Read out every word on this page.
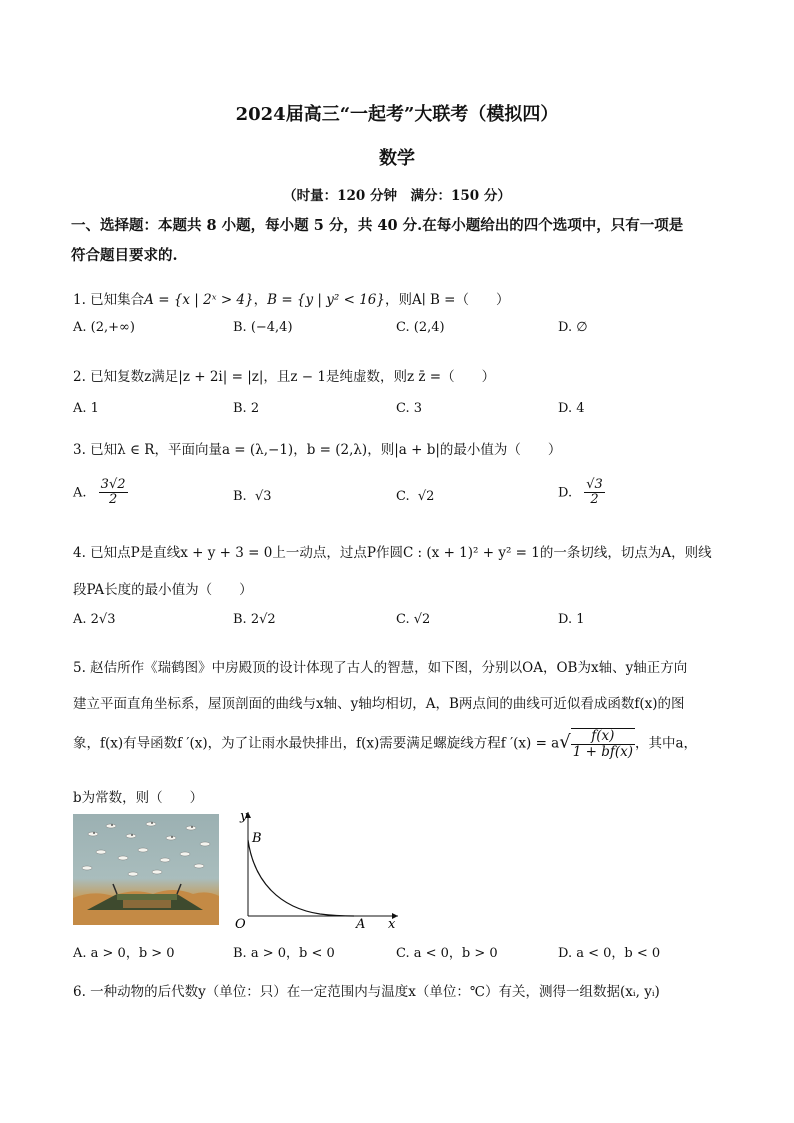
2024届高三“一起考”大联考（模拟四）
数学
（时量：120 分钟　满分：150 分）
一、选择题：本题共 8 小题，每小题 5 分，共 40 分.在每小题给出的四个选项中，只有一项是
符合题目要求的.
1. 已知集合A = {x | 2ˣ > 4}，B = {y | y² < 16}，则A∣ B =（　　）
A. (2,+∞)	B. (−4,4)	C. (2,4)	D. ∅
2. 已知复数z满足|z + 2i| = |z|，且z − 1是纯虚数，则z z̄ =（　　）
A. 1	B. 2	C. 3	D. 4
3. 已知λ ∈ R，平面向量a = (λ,−1)，b = (2,λ)，则|a + b|的最小值为（　　）
A. $\frac{3√2}{2}$	B. √3	C. √2	D. $\frac{√3}{2}$
4. 已知点P是直线x + y + 3 = 0上一动点，过点P作圆C : (x + 1)² + y² = 1的一条切线，切点为A，则线
段PA长度的最小值为（　　）
A. 2√3	B. 2√2	C. √2	D. 1
5. 赵佶所作《瑞鹤图》中房殿顶的设计体现了古人的智慧，如下图，分别以OA，OB为x轴、y轴正方向
建立平面直角坐标系，屋顶剖面的曲线与x轴、y轴均相切，A，B两点间的曲线可近似看成函数f(x)的图
象，f(x)有导函数f ′(x)，为了让雨水最快排出，f(x)需要满足螺旋线方程f $'(x) = a√ \frac{f(x)}{1 + bf(x)}$ ，其中a，
b为常数，则（　　）
y
x
O	A
B
A. a > 0，b > 0	B. a > 0，b < 0	C. a < 0，b > 0	D. a < 0，b < 0
6. 一种动物的后代数y（单位：只）在一定范围内与温度x（单位：℃）有关，测得一组数据(xᵢ, yᵢ)
